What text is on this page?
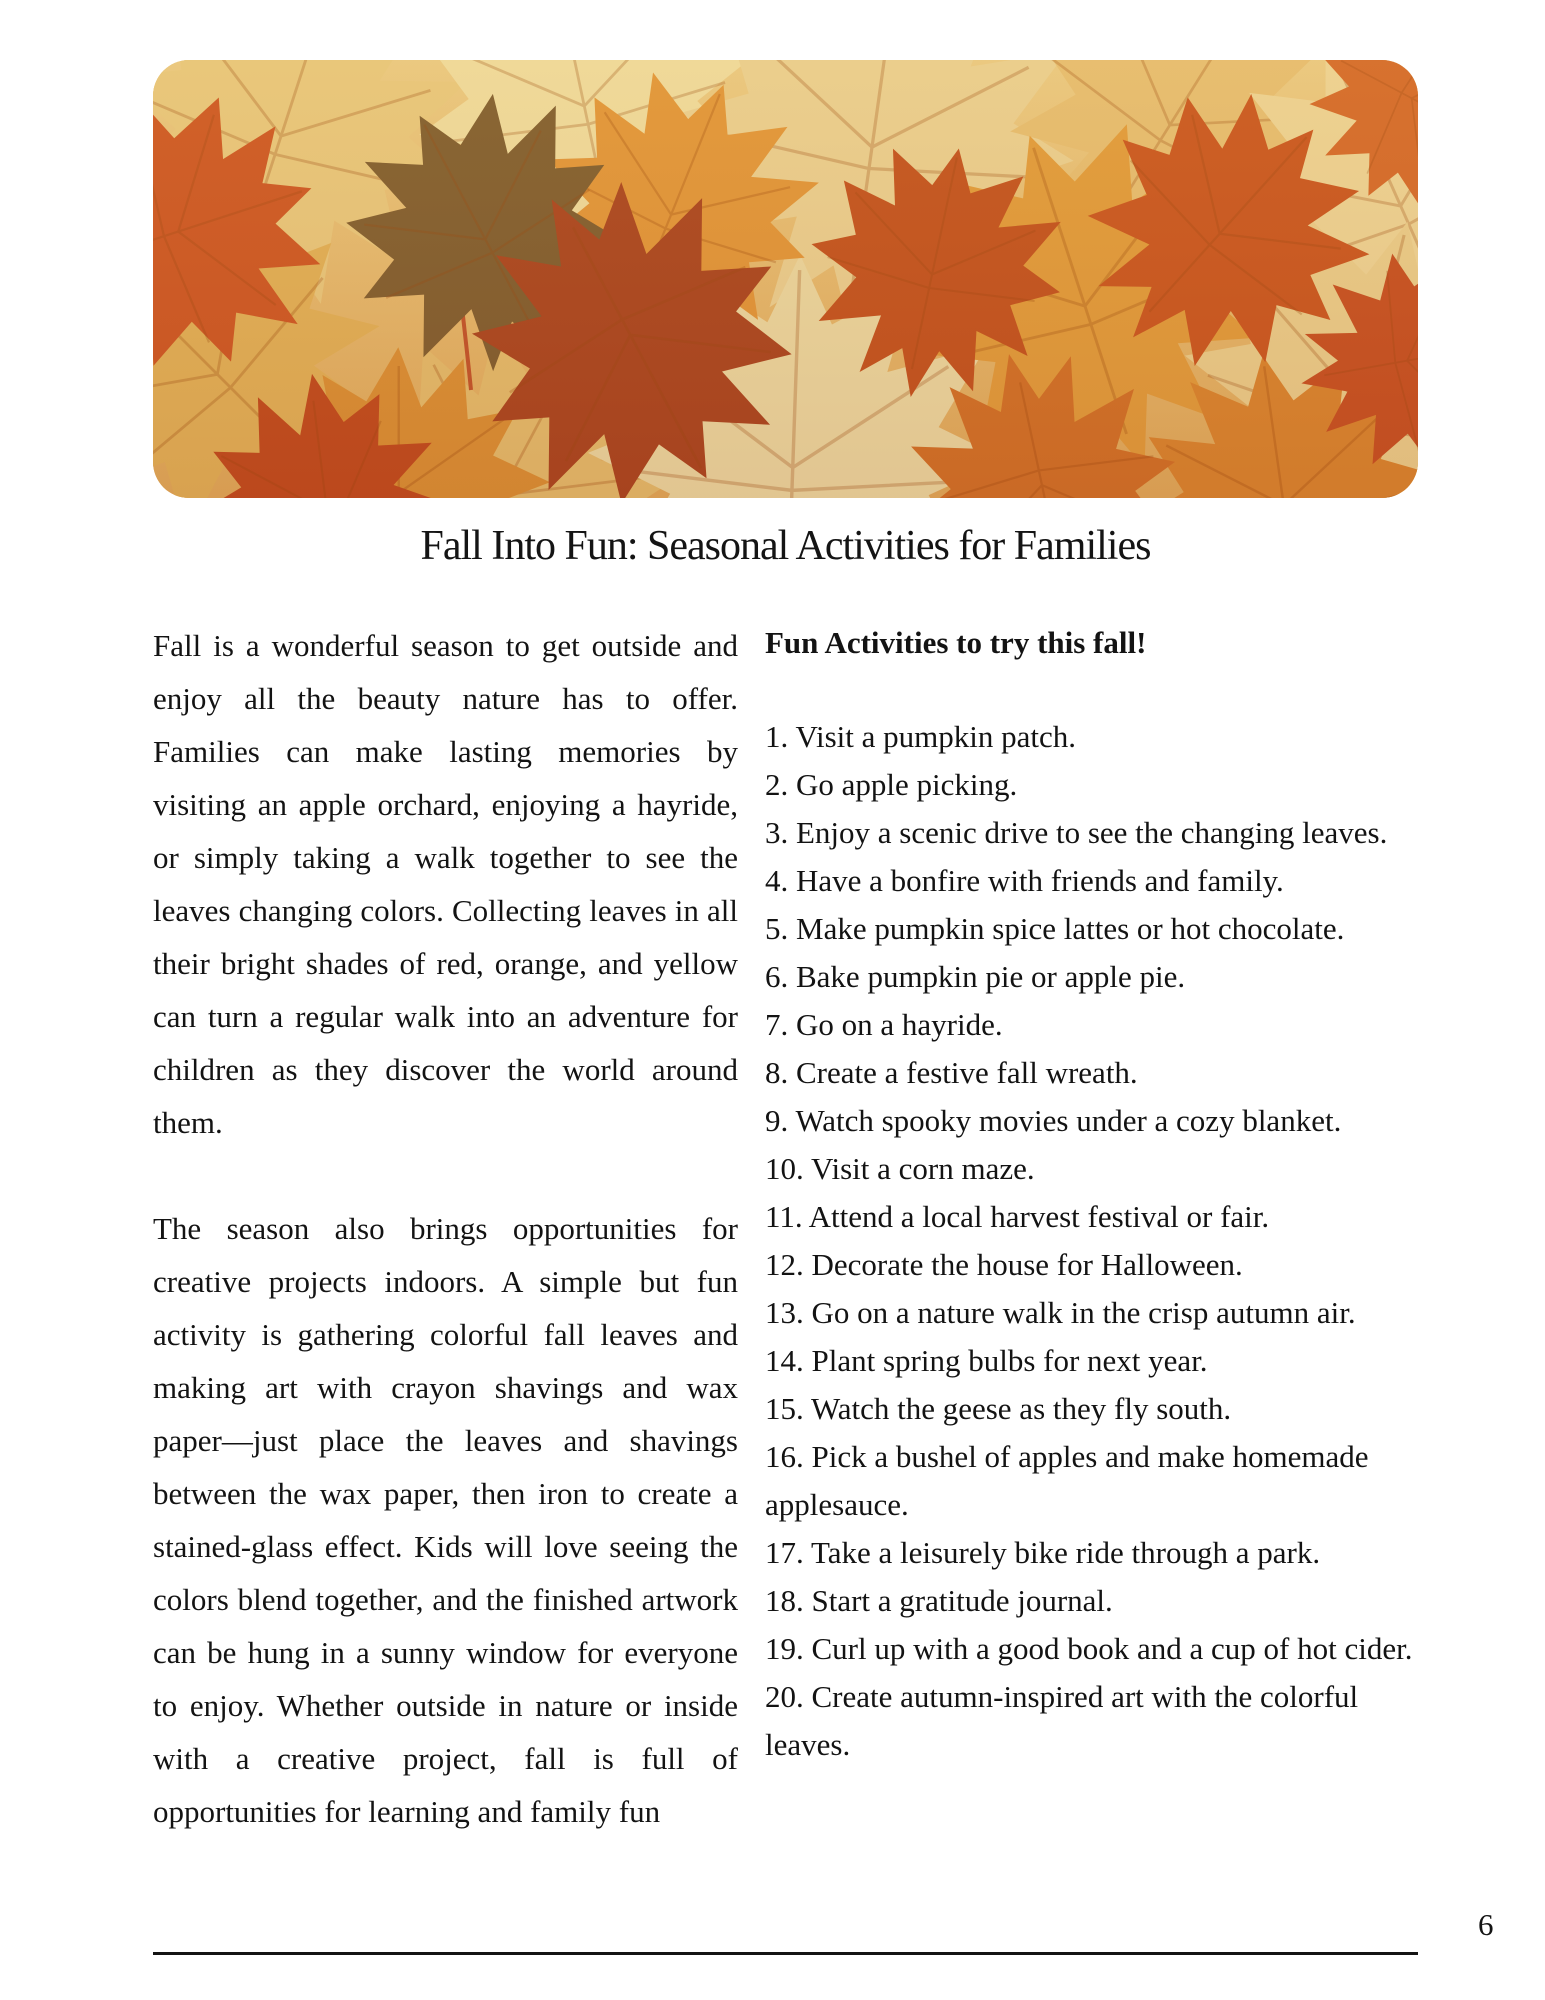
Fall Into Fun: Seasonal Activities for Families

Fall is a wonderful season to get outside and enjoy all the beauty nature has to offer. Families can make lasting memories by visiting an apple orchard, enjoying a hayride, or simply taking a walk together to see the leaves changing colors. Collecting leaves in all their bright shades of red, orange, and yellow can turn a regular walk into an adventure for children as they discover the world around them.

The season also brings opportunities for creative projects indoors. A simple but fun activity is gathering colorful fall leaves and making art with crayon shavings and wax paper—just place the leaves and shavings between the wax paper, then iron to create a stained-glass effect. Kids will love seeing the colors blend together, and the finished artwork can be hung in a sunny window for everyone to enjoy. Whether outside in nature or inside with a creative project, fall is full of opportunities for learning and family fun

Fun Activities to try this fall!
1. Visit a pumpkin patch.
2. Go apple picking.
3. Enjoy a scenic drive to see the changing leaves.
4. Have a bonfire with friends and family.
5. Make pumpkin spice lattes or hot chocolate.
6. Bake pumpkin pie or apple pie.
7. Go on a hayride.
8. Create a festive fall wreath.
9. Watch spooky movies under a cozy blanket.
10. Visit a corn maze.
11. Attend a local harvest festival or fair.
12. Decorate the house for Halloween.
13. Go on a nature walk in the crisp autumn air.
14. Plant spring bulbs for next year.
15. Watch the geese as they fly south.
16. Pick a bushel of apples and make homemade applesauce.
17. Take a leisurely bike ride through a park.
18. Start a gratitude journal.
19. Curl up with a good book and a cup of hot cider.
20. Create autumn-inspired art with the colorful leaves.
6
